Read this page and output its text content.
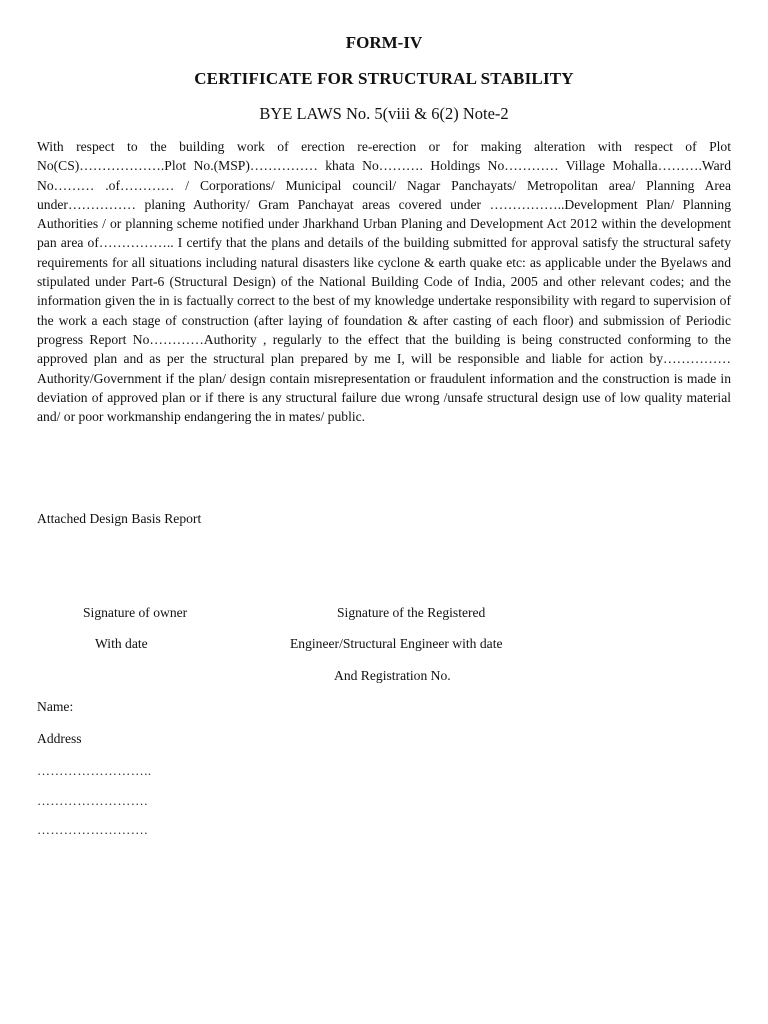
FORM-IV
CERTIFICATE FOR STRUCTURAL STABILITY
BYE LAWS No. 5(viii & 6(2) Note-2

With respect to the building work of erection re-erection or for making alteration with respect of Plot No(CS)……………….Plot No.(MSP)…………… khata No………. Holdings No………… Village Mohalla……….Ward No……… .of………… / Corporations/ Municipal council/ Nagar Panchayats/ Metropolitan area/ Planning Area under…………… planing Authority/ Gram Panchayat areas covered under ……………..Development Plan/ Planning Authorities / or planning scheme notified under Jharkhand Urban Planing and Development Act 2012 within the development pan area of…………….. I certify that the plans and details of the building submitted for approval satisfy the structural safety requirements for all situations including natural disasters like cyclone & earth quake etc: as applicable under the Byelaws and stipulated under Part-6 (Structural Design) of the National Building Code of India, 2005 and other relevant codes; and the information given the in is factually correct to the best of my knowledge undertake responsibility with regard to supervision of the work a each stage of construction (after laying of foundation & after casting of each floor) and submission of Periodic progress Report No…………Authority , regularly to the effect that the building is being constructed conforming to the approved plan and as per the structural plan prepared by me I, will be responsible and liable for action by……………Authority/Government if the plan/ design contain misrepresentation or fraudulent information and the construction is made in deviation of approved plan or if there is any structural failure due wrong /unsafe structural design use of low quality material and/ or poor workmanship endangering the in mates/ public.

Attached Design Basis Report
Signature of owner
With date
Signature of the Registered
Engineer/Structural Engineer with date
And Registration No.
Name:
Address
……………………..
…………………….
…………………….
